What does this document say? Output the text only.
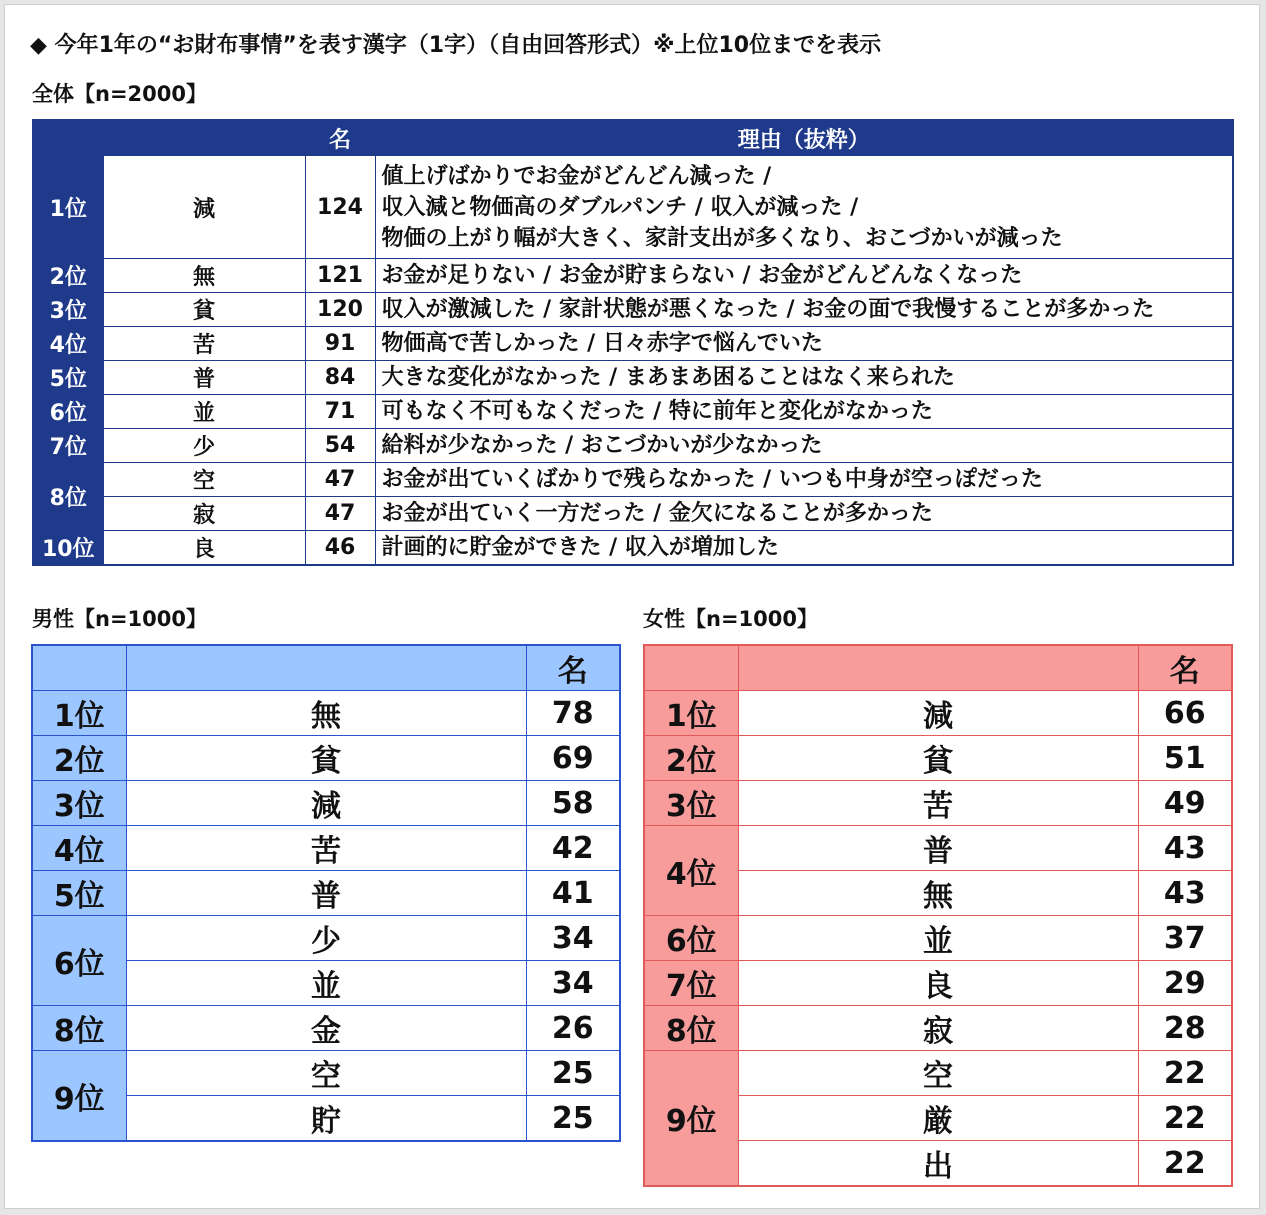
◆ 今年1年の“お財布事情”を表す漢字（1字）（自由回答形式）※上位10位までを表示
全体【n=2000】
男性【n=1000】	女性【n=1000】
		名	理由（抜粋）
1位	減	124	値上げばかりでお金がどんどん減った /
収入減と物価高のダブルパンチ / 収入が減った /
物価の上がり幅が大きく、家計支出が多くなり、おこづかいが減った

2位	無	121	お金が足りない / お金が貯まらない / お金がどんどんなくなった

3位	貧	120	収入が激減した / 家計状態が悪くなった / お金の面で我慢することが多かった

4位	苦	91	物価高で苦しかった / 日々赤字で悩んでいた

5位	普	84	大きな変化がなかった / まあまあ困ることはなく来られた

6位	並	71	可もなく不可もなくだった / 特に前年と変化がなかった

7位	少	54	給料が少なかった / おこづかいが少なかった

8位	空	47	お金が出ていくばかりで残らなかった / いつも中身が空っぽだった

	寂	47	お金が出ていく一方だった / 金欠になることが多かった

10位	良	46	計画的に貯金ができた / 収入が増加した
		名
1位	無	78
2位	貧	69
3位	減	58
4位	苦	42
5位	普	41
6位	少	34
	並	34
8位	金	26
9位	空	25
	貯	25
		名
1位	減	66
2位	貧	51
3位	苦	49
4位	普	43
	無	43
6位	並	37
7位	良	29
8位	寂	28
9位	空	22
	厳	22
	出	22
